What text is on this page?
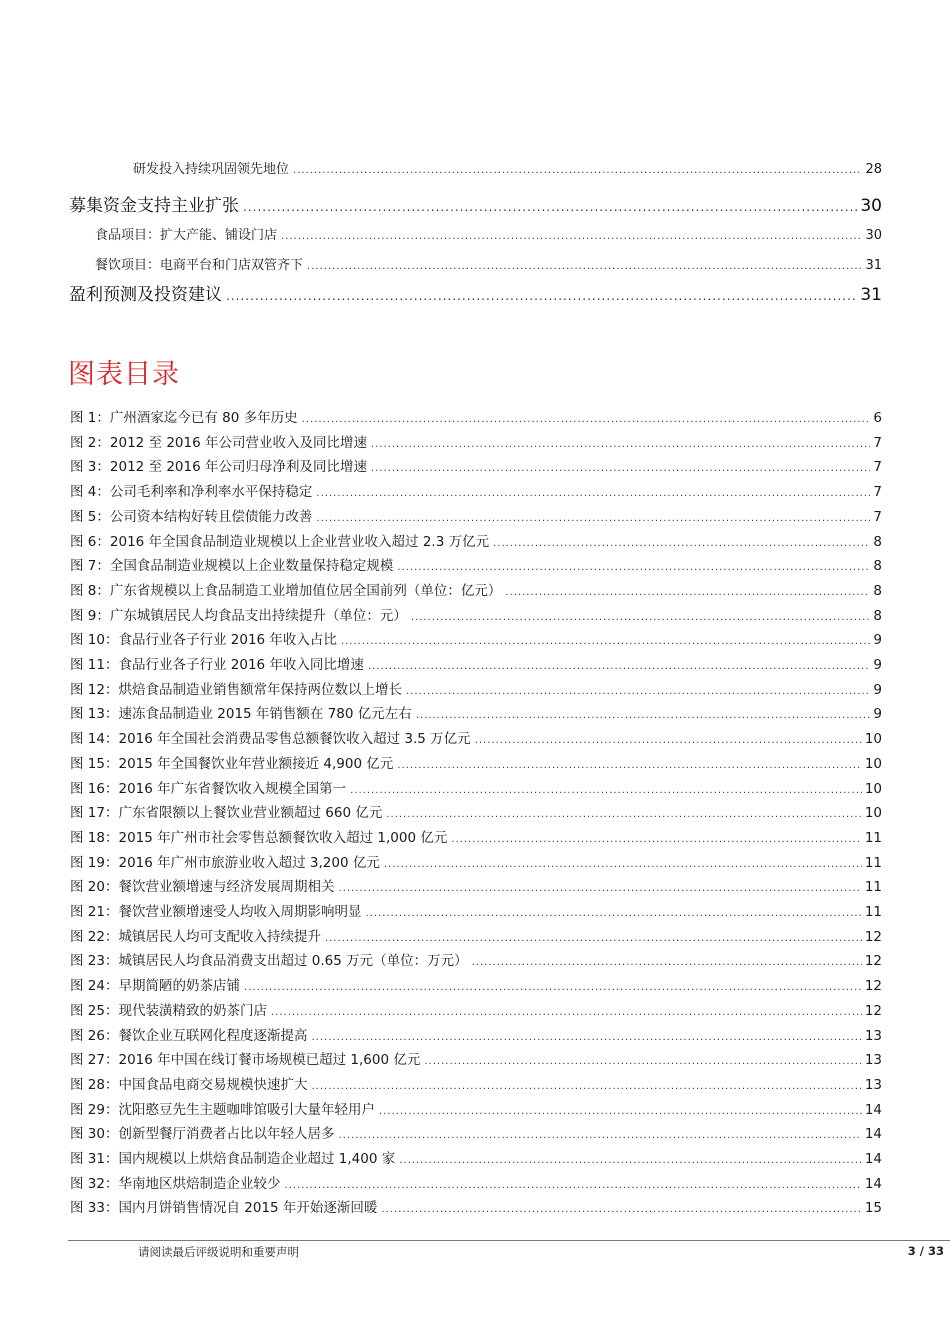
研发投入持续巩固领先地位 .....	28
募集资金支持主业扩张 .....	30
食品项目：扩大产能、铺设门店 .....	30
餐饮项目：电商平台和门店双管齐下 .....	31
盈利预测及投资建议 .....	31
图表目录
图 1： 广州酒家迄今已有 80 多年历史 .....	6
图 2： 2012 至 2016 年公司营业收入及同比增速 .....	7
图 3： 2012 至 2016 年公司归母净利及同比增速 .....	7
图 4： 公司毛利率和净利率水平保持稳定 .....	7
图 5： 公司资本结构好转且偿债能力改善 .....	7
图 6： 2016 年全国食品制造业规模以上企业营业收入超过 2.3 万亿元 .....	8
图 7： 全国食品制造业规模以上企业数量保持稳定规模 .....	8
图 8： 广东省规模以上食品制造工业增加值位居全国前列（单位：亿元） .....	8
图 9： 广东城镇居民人均食品支出持续提升（单位：元） .....	8
图 10： 食品行业各子行业 2016 年收入占比 .....	9
图 11： 食品行业各子行业 2016 年收入同比增速 .....	9
图 12： 烘焙食品制造业销售额常年保持两位数以上增长 .....	9
图 13： 速冻食品制造业 2015 年销售额在 780 亿元左右 .....	9
图 14： 2016 年全国社会消费品零售总额餐饮收入超过 3.5 万亿元 .....	10
图 15： 2015 年全国餐饮业年营业额接近 4,900 亿元 .....	10
图 16： 2016 年广东省餐饮收入规模全国第一 .....	10
图 17： 广东省限额以上餐饮业营业额超过 660 亿元 .....	10
图 18： 2015 年广州市社会零售总额餐饮收入超过 1,000 亿元 .....	11
图 19： 2016 年广州市旅游业收入超过 3,200 亿元 .....	11
图 20： 餐饮营业额增速与经济发展周期相关 .....	11
图 21： 餐饮营业额增速受人均收入周期影响明显 .....	11
图 22： 城镇居民人均可支配收入持续提升 .....	12
图 23： 城镇居民人均食品消费支出超过 0.65 万元（单位：万元） .....	12
图 24： 早期简陋的奶茶店铺 .....	12
图 25： 现代装潢精致的奶茶门店 .....	12
图 26： 餐饮企业互联网化程度逐渐提高 .....	13
图 27： 2016 年中国在线订餐市场规模已超过 1,600 亿元 .....	13
图 28： 中国食品电商交易规模快速扩大 .....	13
图 29： 沈阳憨豆先生主题咖啡馆吸引大量年轻用户 .....	14
图 30： 创新型餐厅消费者占比以年轻人居多 .....	14
图 31： 国内规模以上烘焙食品制造企业超过 1,400 家 .....	14
图 32： 华南地区烘焙制造企业较少 .....	14
图 33： 国内月饼销售情况自 2015 年开始逐渐回暖 .....	15
请阅读最后评级说明和重要声明	3 / 33
